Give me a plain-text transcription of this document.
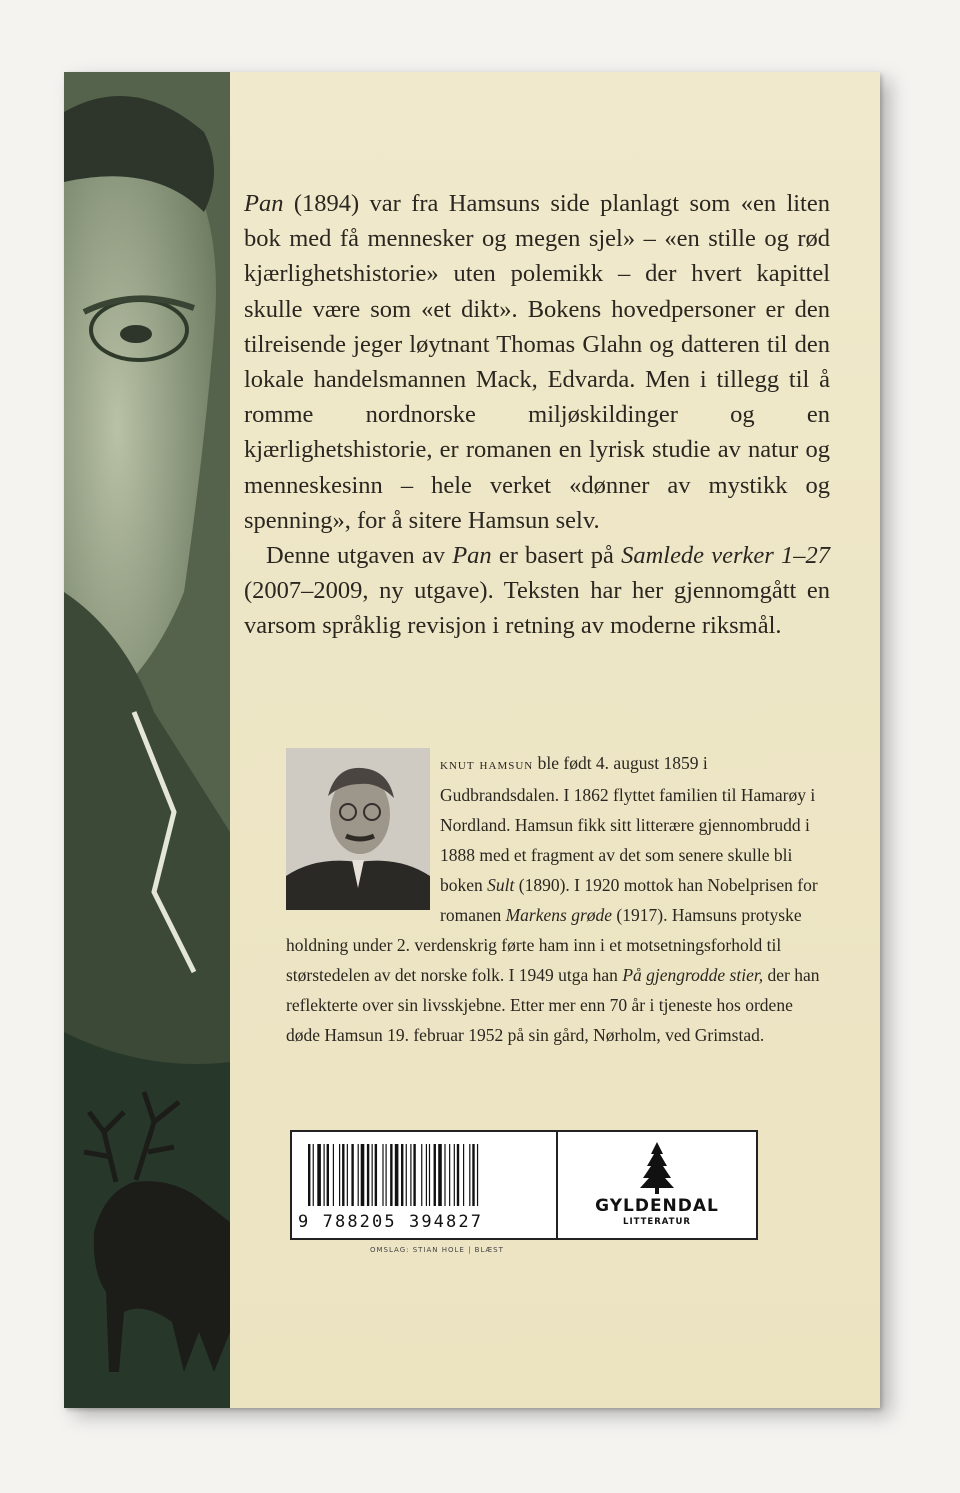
Pan (1894) var fra Hamsuns side planlagt som «en liten bok med få mennesker og megen sjel» – «en stille og rød kjærlighetshistorie» uten polemikk – der hvert kapittel skulle være som «et dikt». Bokens hovedpersoner er den tilreisende jeger løytnant Thomas Glahn og datteren til den lokale handelsmannen Mack, Edvarda. Men i tillegg til å romme nordnorske miljøskildinger og en kjærlighetshistorie, er romanen en lyrisk studie av natur og menneskesinn – hele verket «dønner av mystikk og spenning», for å sitere Hamsun selv.

Denne utgaven av Pan er basert på Samlede verker 1–27 (2007–2009, ny utgave). Teksten har her gjennomgått en varsom språklig revisjon i retning av moderne riksmål.

knut hamsun ble født 4. august 1859 i Gudbrandsdalen. I 1862 flyttet familien til Hamarøy i Nordland. Hamsun fikk sitt litterære gjennombrudd i 1888 med et fragment av det som senere skulle bli boken Sult (1890). I 1920 mottok han Nobelprisen for romanen Markens grøde (1917). Hamsuns protyske holdning under 2. verdenskrig førte ham inn i et motsetningsforhold til størstedelen av det norske folk. I 1949 utga han På gjengrodde stier, der han reflekterte over sin livsskjebne. Etter mer enn 70 år i tjeneste hos ordene døde Hamsun 19. februar 1952 på sin gård, Nørholm, ved Grimstad.
9 788205 394827
GYLDENDAL
LITTERATUR
OMSLAG: STIAN HOLE | BLÆST
